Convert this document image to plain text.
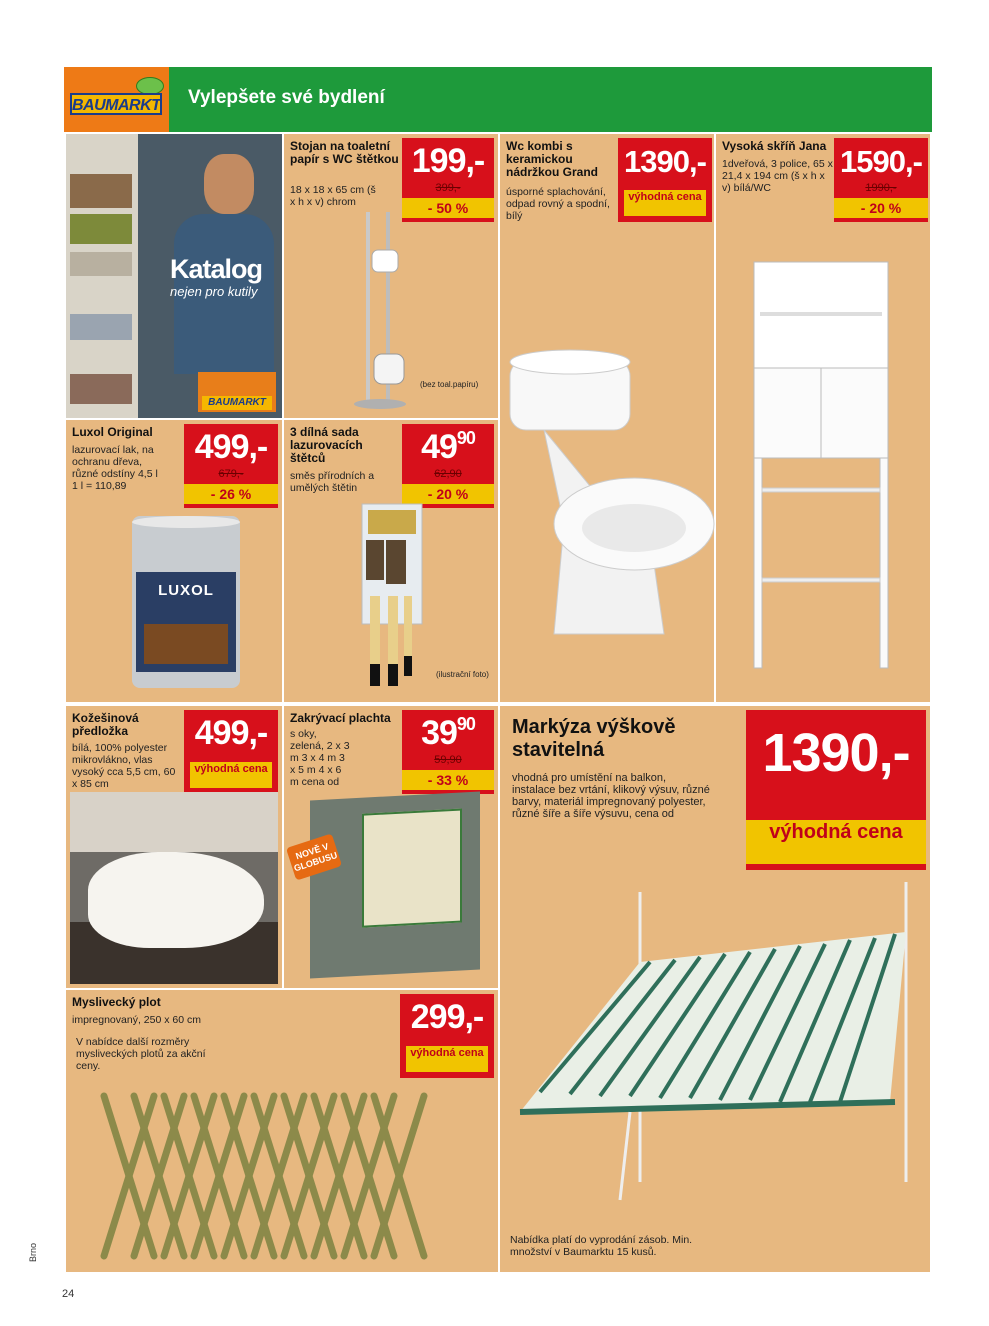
BAUMARKT Vylepšete své bydlení
Katalog
nejen pro kutily
BAUMARKT
Stojan na toaletní papír s WC štětkou
18 x 18 x 65 cm (š x h x v) chrom
199,-
399,-
- 50 %
(bez toal.papíru)
Wc kombi s keramickou nádržkou Grand
úsporné splachování, odpad rovný a spodní, bílý
1390,-
výhodná cena
Vysoká skříň Jana
1dveřová, 3 police, 65 x 21,4 x 194 cm (š x h x v) bílá/WC
1590,-
1990,-
- 20 %
Luxol Original
lazurovací lak, na ochranu dřeva, různé odstíny 4,5 l 1 l = 110,89
499,-
679,-
- 26 %
LUXOL
3 dílná sada lazurovacích štětců
směs přírodních a umělých štětin
$49^{90}$
62,90
- 20 %
(ilustrační foto)
Kožešinová předložka
bílá, 100% polyester mikrovlákno, vlas vysoký cca 5,5 cm, 60 x 85 cm
499,-
výhodná cena
Zakrývací plachta
s oky, zelená, 2 x 3 m 3 x 4 m 3 x 5 m 4 x 6 m cena od
$39^{90}$
59,90
- 33 %
NOVĚ V GLOBUSU
Myslivecký plot
impregnovaný, 250 x 60 cm
V nabídce další rozměry mysliveckých plotů za akční ceny.
299,-
výhodná cena
Markýza výškově stavitelná
vhodná pro umístění na balkon, instalace bez vrtání, klikový výsuv, různé barvy, materiál impregnovaný polyester, různé šíře a šíře výsuvu, cena od
1390,-
výhodná cena
Nabídka platí do vyprodání zásob. Min. množství v Baumarktu 15 kusů.
Brno
24
